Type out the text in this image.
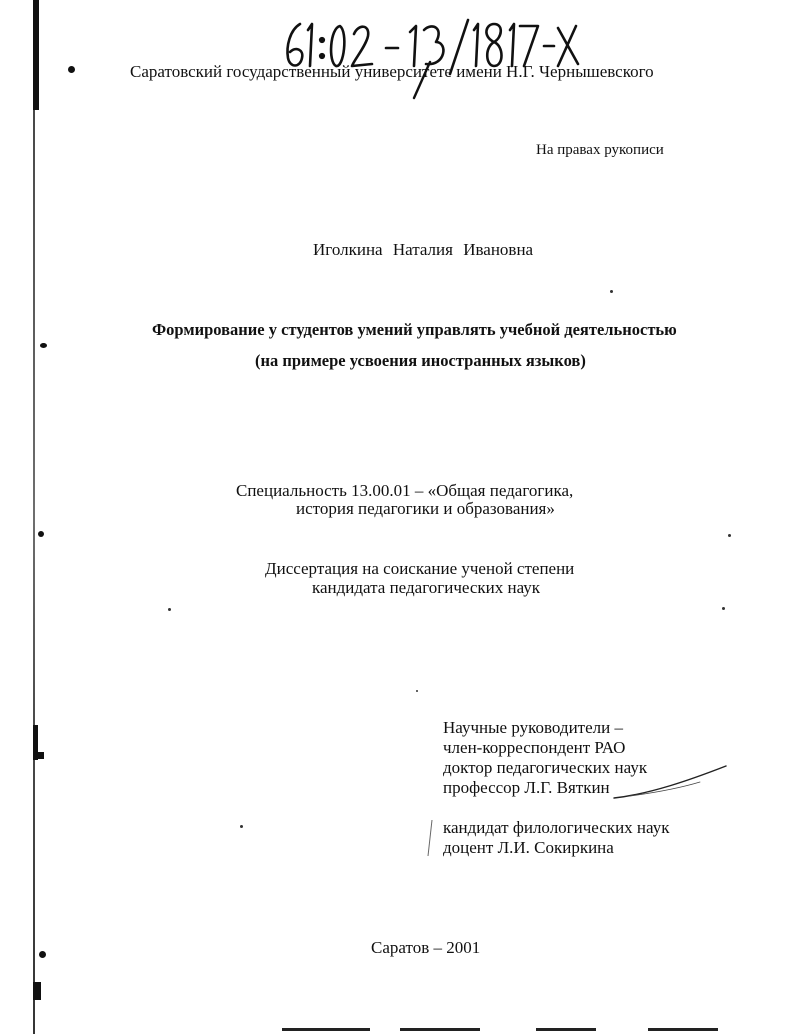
Саратовский государственный университете имени Н.Г. Чернышевского
На правах рукописи
Иголкина Наталия Ивановна
Формирование у студентов умений управлять учебной деятельностью
(на примере усвоения иностранных языков)
Специальность 13.00.01 – «Общая педагогика,
история педагогики и образования»
Диссертация на соискание ученой степени
кандидата педагогических наук
Научные руководители –
член-корреспондент РАО
доктор педагогических наук
профессор Л.Г. Вяткин
кандидат филологических наук
доцент Л.И. Сокиркина
Саратов – 2001
